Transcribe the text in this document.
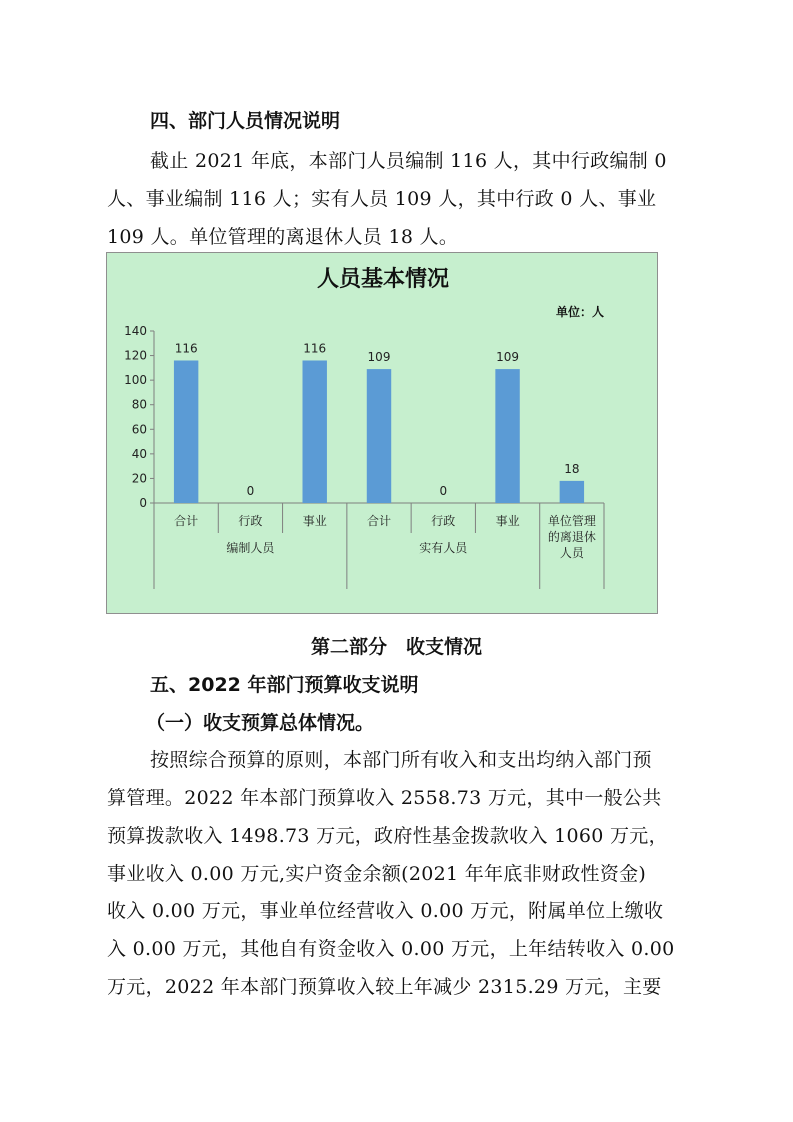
四、部门人员情况说明
截止 2021 年底，本部门人员编制 116 人，其中行政编制 0
人、事业编制 116 人；实有人员 109 人，其中行政 0 人、事业
109 人。单位管理的离退休人员 18 人。
人员基本情况
单位：人
0
20
40
60
80
100
120
140
116
合计
0
行政
116
事业
109
合计
0
行政
109
事业
18
单位管理
的离退休
人员
编制人员	实有人员
第二部分　收支情况
五、2022 年部门预算收支说明
（一）收支预算总体情况。
按照综合预算的原则，本部门所有收入和支出均纳入部门预
算管理。2022 年本部门预算收入 2558.73 万元，其中一般公共
预算拨款收入 1498.73 万元，政府性基金拨款收入 1060 万元，
事业收入 0.00 万元,实户资金余额(2021 年年底非财政性资金)
收入 0.00 万元，事业单位经营收入 0.00 万元，附属单位上缴收
入 0.00 万元，其他自有资金收入 0.00 万元，上年结转收入 0.00
万元，2022 年本部门预算收入较上年减少 2315.29 万元，主要
